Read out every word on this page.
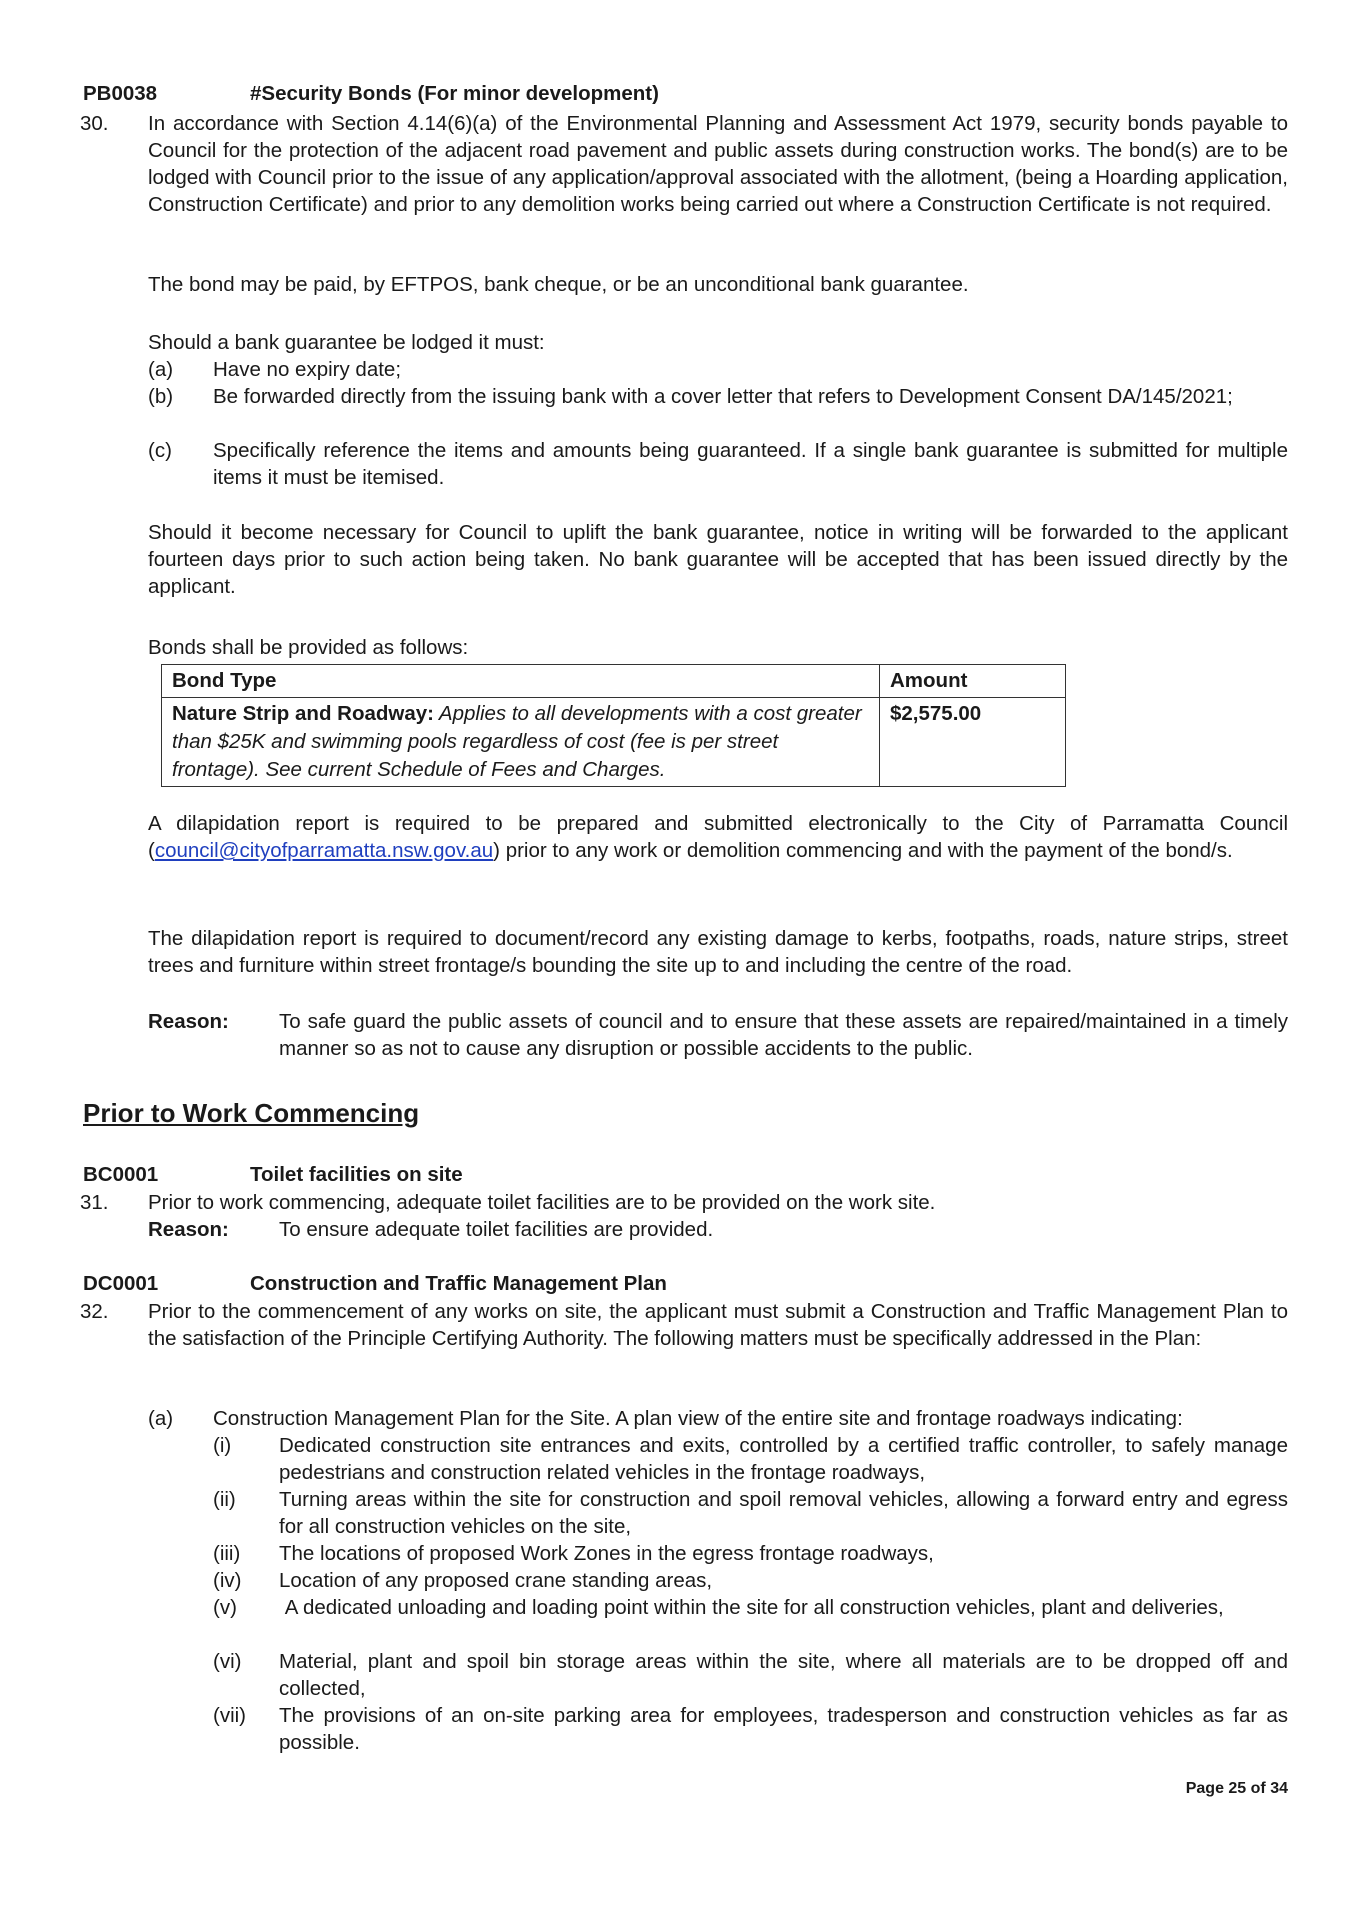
PB0038	#Security Bonds (For minor development)
30. In accordance with Section 4.14(6)(a) of the Environmental Planning and Assessment Act 1979, security bonds payable to Council for the protection of the adjacent road pavement and public assets during construction works. The bond(s) are to be lodged with Council prior to the issue of any application/approval associated with the allotment, (being a Hoarding application, Construction Certificate) and prior to any demolition works being carried out where a Construction Certificate is not required.
The bond may be paid, by EFTPOS, bank cheque, or be an unconditional bank guarantee.
Should a bank guarantee be lodged it must:
(a) Have no expiry date;
(b) Be forwarded directly from the issuing bank with a cover letter that refers to Development Consent DA/145/2021;
(c) Specifically reference the items and amounts being guaranteed. If a single bank guarantee is submitted for multiple items it must be itemised.
Should it become necessary for Council to uplift the bank guarantee, notice in writing will be forwarded to the applicant fourteen days prior to such action being taken. No bank guarantee will be accepted that has been issued directly by the applicant.
Bonds shall be provided as follows:
Bond Type	Amount
Nature Strip and Roadway: Applies to all developments with a cost greater than $25K and swimming pools regardless of cost (fee is per street frontage). See current Schedule of Fees and Charges.	$2,575.00
A dilapidation report is required to be prepared and submitted electronically to the City of Parramatta Council (council@cityofparramatta.nsw.gov.au) prior to any work or demolition commencing and with the payment of the bond/s.
The dilapidation report is required to document/record any existing damage to kerbs, footpaths, roads, nature strips, street trees and furniture within street frontage/s bounding the site up to and including the centre of the road.
Reason: To safe guard the public assets of council and to ensure that these assets are repaired/maintained in a timely manner so as not to cause any disruption or possible accidents to the public.
Prior to Work Commencing
BC0001	Toilet facilities on site
31. Prior to work commencing, adequate toilet facilities are to be provided on the work site.
Reason: To ensure adequate toilet facilities are provided.
DC0001	Construction and Traffic Management Plan
32. Prior to the commencement of any works on site, the applicant must submit a Construction and Traffic Management Plan to the satisfaction of the Principle Certifying Authority. The following matters must be specifically addressed in the Plan:
(a) Construction Management Plan for the Site. A plan view of the entire site and frontage roadways indicating:
(i) Dedicated construction site entrances and exits, controlled by a certified traffic controller, to safely manage pedestrians and construction related vehicles in the frontage roadways,
(ii) Turning areas within the site for construction and spoil removal vehicles, allowing a forward entry and egress for all construction vehicles on the site,
(iii) The locations of proposed Work Zones in the egress frontage roadways,
(iv) Location of any proposed crane standing areas,
(v) A dedicated unloading and loading point within the site for all construction vehicles, plant and deliveries,
(vi) Material, plant and spoil bin storage areas within the site, where all materials are to be dropped off and collected,
(vii) The provisions of an on-site parking area for employees, tradesperson and construction vehicles as far as possible.
Page 25 of 34
